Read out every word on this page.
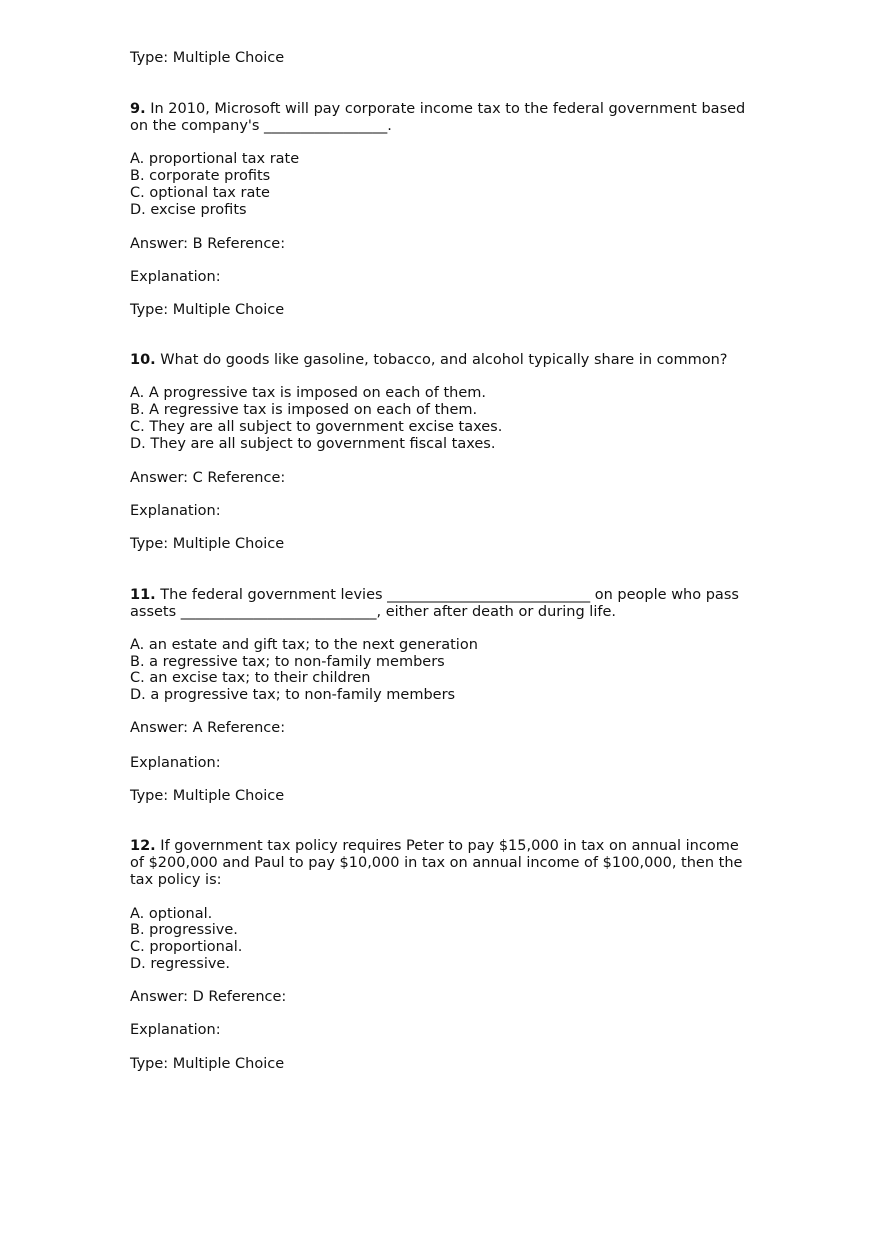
Type: Multiple Choice
9. In 2010, Microsoft will pay corporate income tax to the federal government based
on the company's _________________.
A. proportional tax rate
B. corporate profits
C. optional tax rate
D. excise profits
Answer: B Reference:
Explanation:
Type: Multiple Choice
10. What do goods like gasoline, tobacco, and alcohol typically share in common?
A. A progressive tax is imposed on each of them.
B. A regressive tax is imposed on each of them.
C. They are all subject to government excise taxes.
D. They are all subject to government fiscal taxes.
Answer: C Reference:
Explanation:
Type: Multiple Choice
11. The federal government levies ____________________________ on people who pass
assets ___________________________, either after death or during life.
A. an estate and gift tax; to the next generation
B. a regressive tax; to non-family members
C. an excise tax; to their children
D. a progressive tax; to non-family members
Answer: A Reference:
Explanation:
Type: Multiple Choice
12. If government tax policy requires Peter to pay $15,000 in tax on annual income
of $200,000 and Paul to pay $10,000 in tax on annual income of $100,000, then the
tax policy is:
A. optional.
B. progressive.
C. proportional.
D. regressive.
Answer: D Reference:
Explanation:
Type: Multiple Choice
